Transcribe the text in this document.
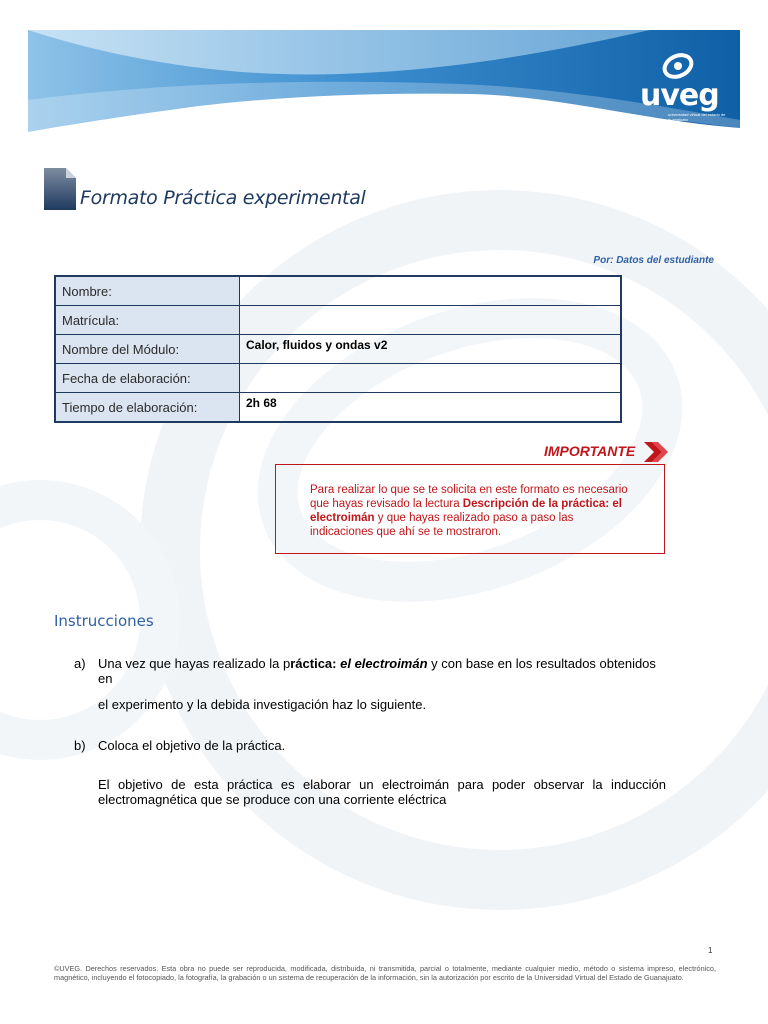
uveg
universidad virtual del estado de guanajuato
Formato Práctica experimental
Por: Datos del estudiante
Nombre:	
Matrícula:	
Nombre del Módulo:	Calor, fluidos y ondas v2
Fecha de elaboración:	
Tiempo de elaboración:	2h 68
IMPORTANTE
Para realizar lo que se te solicita en este formato es necesario que hayas revisado la lectura Descripción de la práctica: el electroimán y que hayas realizado paso a paso las indicaciones que ahí se te mostraron.
Instrucciones
a) Una vez que hayas realizado la práctica: el electroimán y con base en los resultados obtenidos en
el experimento y la debida investigación haz lo siguiente.
b) Coloca el objetivo de la práctica.
El objetivo de esta práctica es elaborar un electroimán para poder observar la inducción electromagnética que se produce con una corriente eléctrica
1
©UVEG. Derechos reservados. Esta obra no puede ser reproducida, modificada, distribuida, ni transmitida, parcial o totalmente, mediante cualquier medio, método o sistema impreso, electrónico, magnético, incluyendo el fotocopiado, la fotografía, la grabación o un sistema de recuperación de la información, sin la autorización por escrito de la Universidad Virtual del Estado de Guanajuato.
